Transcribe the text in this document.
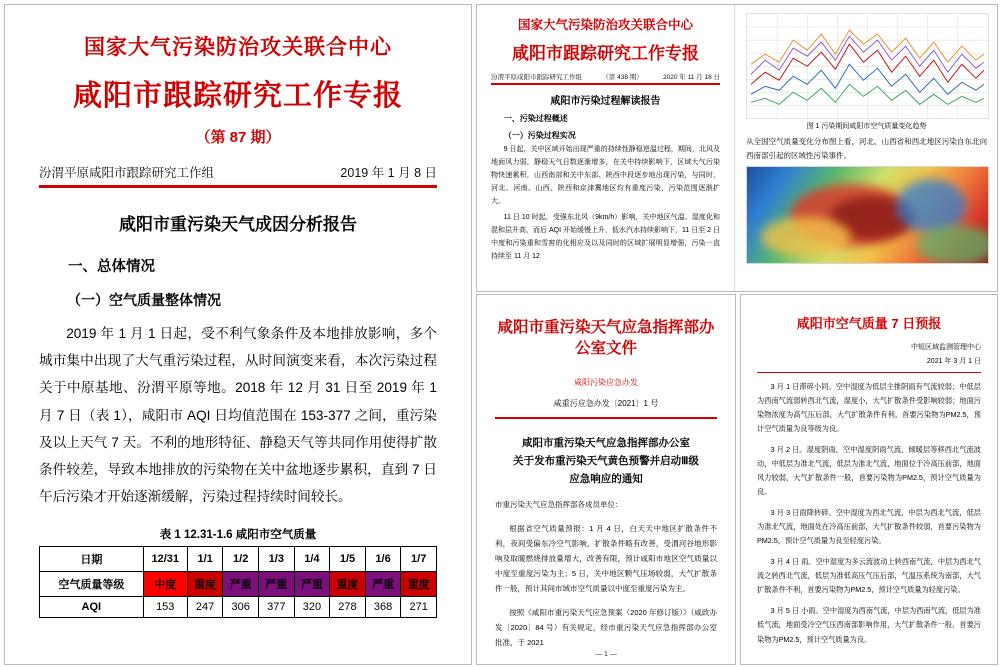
国家大气污染防治攻关联合中心
咸阳市跟踪研究工作专报
（第 87 期）
汾渭平原咸阳市跟踪研究工作组	2019 年 1 月 8 日
咸阳市重污染天气成因分析报告
一、总体情况
（一）空气质量整体情况
2019 年 1 月 1 日起，受不利气象条件及本地排放影响，多个城市集中出现了大气重污染过程，从时间演变来看，本次污染过程关于中原基地、汾渭平原等地。2018 年 12 月 31 日至 2019 年 1 月 7 日（表 1），咸阳市 AQI 日均值范围在 153-377 之间，重污染及以上天气 7 天。不利的地形特征、静稳天气等共同作用使得扩散条件较差，导致本地排放的污染物在关中盆地逐步累积，直到 7 日午后污染才开始逐渐缓解，污染过程持续时间较长。
表 1 12.31-1.6 咸阳市空气质量
日期	12/31	1/1	1/2	1/3	1/4	1/5	1/6	1/7
空气质量等级	中度	重度	严重	严重	严重	重度	严重	重度
AQI	153	247	306	377	320	278	368	271
国家大气污染防治攻关联合中心
咸阳市跟踪研究工作专报
汾渭平原咸阳市跟踪研究工作组	（第 438 期）	2020 年 11 月 18 日
咸阳市污染过程解读报告
一、污染过程概述
（一）污染过程实况
9 日起，关中区域开始出现严重的持续性静稳逆温过程，期间，北风及地面风力弱，静稳天气日数逐渐增多，在关中持续影响下，区域大气污染物快速累积，山西南部和关中东部、陕西中段逐步地出现污染，与同时，河北、河南、山西、陕西和京津冀地区均有重度污染，污染范围逐渐扩大。
11 日 10 时起，受强东北风（9km/h）影响，关中地区气温、湿度化和混和层升高，而后 AQI 开始缓慢上升，低水汽水持续影响下，11 日至 2 日中度和污染重和雪窖的化相应及以及同时的区域扩展明显增强，污染一直持续至 11 月 12
图 1 污染期间咸阳市空气质量变化趋势
从全国空气质量变化分布图上看，河北、山西省和西北地区污染自东北向西南部引起的区域性污染事件。
咸阳市重污染天气应急指挥部办公室文件
咸阳污染应急办发
咸重污应急办发〔2021〕1 号
咸阳市重污染天气应急指挥部办公室
关于发布重污染天气黄色预警并启动Ⅲ级
应急响应的通知
市重污染天气应急指挥部各成员单位：
根据省空气质量预报：1 月 4 日，白天天中地区扩散条件不利，夜间受偏东冷空气影响，扩散条件略有改善，受渭河谷地形影响及取暖燃烧排放量增大，改善有限，预计咸阳市地区空气质量以中度至重度污染为主；5 日，关中地区颗气压场较弱，大气扩散条件一般，预计其间市域市空气质量以中度至重度污染为主。
按照《咸阳市重污染天气应急预案（2020 年修订版）》（咸政办发〔2020〕84 号）有关规定，经市重污染天气应急指挥部办公室批准，于 2021
— 1 —
咸阳市空气质量 7 日预报
中短区域监测管理中心
2021 年 3 月 1 日
3 月 1 日滞碎小同。空中湿度为低层主推阴雨有气流较弱；中低层为西南气流弱转西北气流，湿度小，大气扩散条件受影响较弱；地面污染物浓度为高气压后部，大气扩散条件有利，首要污染物为PM2.5，预计空气质量为良等级为良。
3 月 2 日。湿度阴雨，空中湿度阴雨气流，倾暖层等移西北气流波动，中低层为准北气流，低层为准北气流，地面位于冷高压前部，地面风力较弱，大气扩散条件一般，首要污染物为PM2.5，预计空气质量为良。
3 月 3 日雨降转碎。空中湿度为西北气流，中层为西北气流，低层为准北气流，地面处在冷高压前部，大气扩散条件较弱，首要污染物为PM2.5，预计空气质量为良至轻度污染。
3 月 4 日 雨。空中湿度为多云流波动上转西南气流，中层为西北气流之转西北气流，低层为准低高压气压后部，气温压系统为南部，大气扩散条件不利，首要污染物为PM2.5，预计空气质量为轻度污染。
3 月 5 日 小雨。空中湿度为西南气流，中层为西南气流，低层为准低气流，地面受冷空气压西南部影响作用，大气扩散条件一般，首要污染物为PM2.5，预计空气质量为良。
